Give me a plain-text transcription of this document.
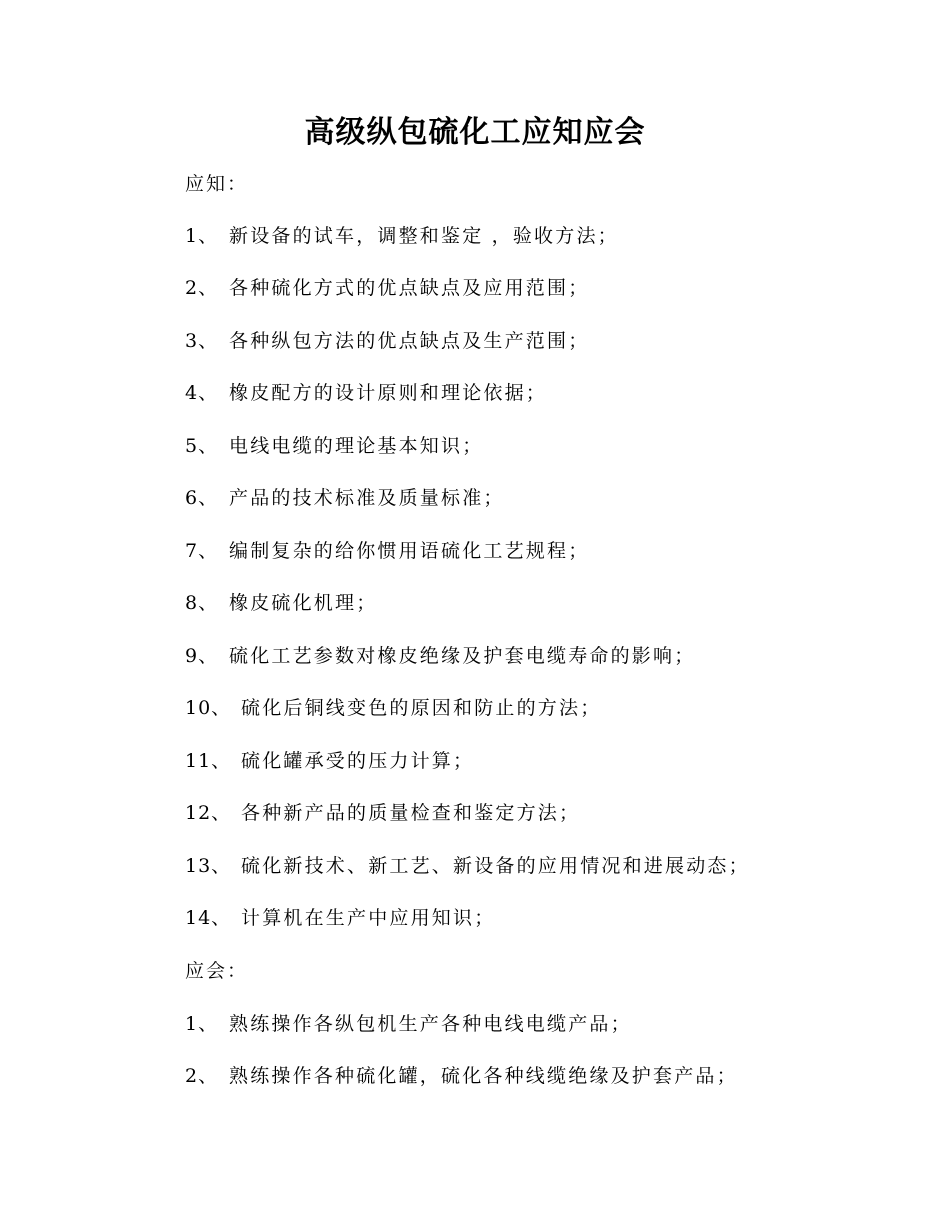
高级纵包硫化工应知应会
应知：
1、 新设备的试车，调整和鉴定 ，验收方法；
2、 各种硫化方式的优点缺点及应用范围；
3、 各种纵包方法的优点缺点及生产范围；
4、 橡皮配方的设计原则和理论依据；
5、 电线电缆的理论基本知识；
6、 产品的技术标准及质量标准；
7、 编制复杂的给你惯用语硫化工艺规程；
8、 橡皮硫化机理；
9、 硫化工艺参数对橡皮绝缘及护套电缆寿命的影响；
10、 硫化后铜线变色的原因和防止的方法；
11、 硫化罐承受的压力计算；
12、 各种新产品的质量检查和鉴定方法；
13、 硫化新技术、新工艺、新设备的应用情况和进展动态；
14、 计算机在生产中应用知识；
应会：
1、 熟练操作各纵包机生产各种电线电缆产品；
2、 熟练操作各种硫化罐，硫化各种线缆绝缘及护套产品；
